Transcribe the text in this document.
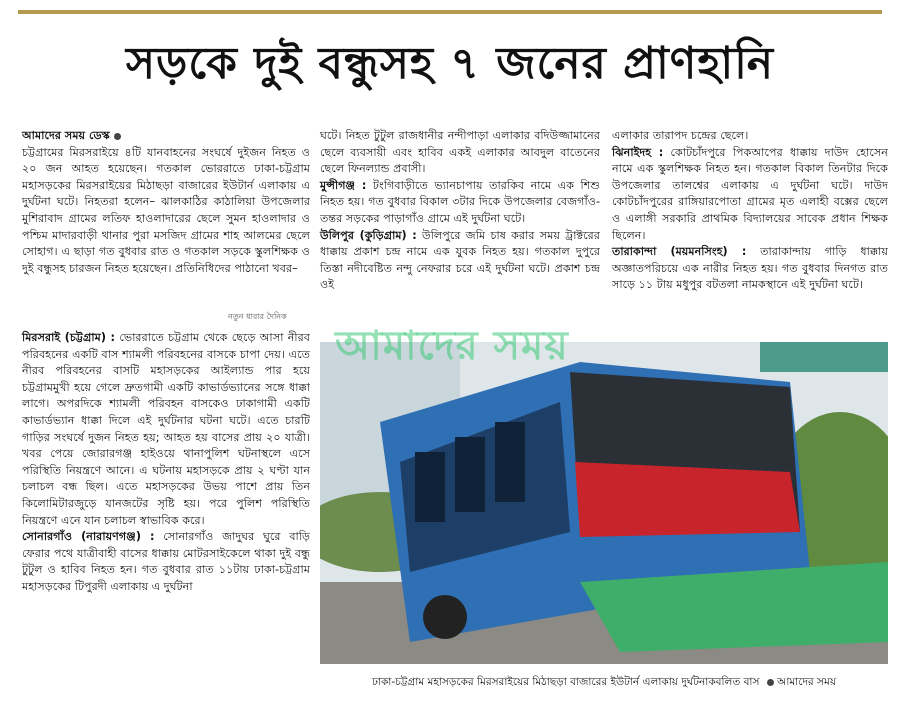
সড়কে দুই বন্ধুসহ ৭ জনের প্রাণহানি

আমাদের সময় ডেস্ক

চট্টগ্রামের মিরসরাইয়ে ৪টি যানবাহনের সংঘর্ষে দুইজন নিহত ও ২০ জন আহত হয়েছেন। গতকাল ভোররাতে ঢাকা-চট্টগ্রাম মহাসড়কের মিরসরাইয়ের মিঠাছড়া বাজারের ইউটার্ন এলাকায় এ দুর্ঘটনা ঘটে। নিহতরা হলেন– ঝালকাঠির কাঠালিয়া উপজেলার মুশিরাবাদ গ্রামের লতিফ হাওলাদারের ছেলে সুমন হাওলাদার ও পশ্চিম মাদারবাড়ী থানার পুরা মসজিদ গ্রামের শাহ আলমের ছেলে সোহাগ। এ ছাড়া গত বুধবার রাত ও গতকাল সড়কে স্কুলশিক্ষক ও দুই বন্ধুসহ চারজন নিহত হয়েছেন। প্রতিনিধিদের পাঠানো খবর–

নতুন ধারার দৈনিক

মিরসরাই (চট্টগ্রাম) : ভোররাতে চট্টগ্রাম থেকে ছেড়ে আসা নীরব পরিবহনের একটি বাস শ্যামলী পরিবহনের বাসকে চাপা দেয়। এতে নীরব পরিবহনের বাসটি মহাসড়কের আইল্যান্ড পার হয়ে চট্টগ্রামমুখী হয়ে গেলে দ্রুতগামী একটি কাভার্ডভ্যানের সঙ্গে ধাক্কা লাগে। অপরদিকে শ্যামলী পরিবহন বাসকেও ঢাকাগামী একটি কাভার্ডভ্যান ধাক্কা দিলে এই দুর্ঘটনার ঘটনা ঘটে। এতে চারটি গাড়ির সংঘর্ষে দুজন নিহত হয়; আহত হয় বাসের প্রায় ২০ যাত্রী। খবর পেয়ে জোরারগঞ্জ হাইওয়ে থানাপুলিশ ঘটনাস্থলে এসে পরিস্থিতি নিয়ন্ত্রণে আনে। এ ঘটনায় মহাসড়কে প্রায় ২ ঘণ্টা যান চলাচল বন্ধ ছিল। এতে মহাসড়কের উভয় পাশে প্রায় তিন কিলোমিটারজুড়ে যানজটের সৃষ্টি হয়। পরে পুলিশ পরিস্থিতি নিয়ন্ত্রণে এনে যান চলাচল স্বাভাবিক করে।

সোনারগাঁও (নারায়ণগঞ্জ) : সোনারগাঁও জাদুঘর ঘুরে বাড়ি ফেরার পথে যাত্রীবাহী বাসের ধাক্কায় মোটরসাইকেলে থাকা দুই বন্ধু টুটুল ও হাবিব নিহত হন। গত বুধবার রাত ১১টায় ঢাকা-চট্টগ্রাম মহাসড়কের টিপুরদী এলাকায় এ দুর্ঘটনা

ঘটে। নিহত টুটুল রাজধানীর নন্দীপাড়া এলাকার বদিউজ্জামানের ছেলে ব্যবসায়ী এবং হাবিব একই এলাকার আবদুল বাতেনের ছেলে ফিনল্যান্ড প্রবাসী।

মুন্সীগঞ্জ : টংগিবাড়ীতে ভ্যানচাপায় তারকিব নামে এক শিশু নিহত হয়। গত বুধবার বিকাল ৩টার দিকে উপজেলার বেজগাঁও-তন্তর সড়কের পাড়াগাঁও গ্রামে এই দুর্ঘটনা ঘটে।

উলিপুর (কুড়িগ্রাম) : উলিপুরে জমি চাষ করার সময় ট্রাক্টরের ধাক্কায় প্রকাশ চন্দ্র নামে এক যুবক নিহত হয়। গতকাল দুপুরে তিস্তা নদীবেষ্টিত নন্দু নেফরার চরে এই দুর্ঘটনা ঘটে। প্রকাশ চন্দ্র ওই

এলাকার তারাপদ চন্দ্রের ছেলে।

ঝিনাইদহ : কোটচাঁদপুরে পিকআপের ধাক্কায় দাউদ হোসেন নামে এক স্কুলশিক্ষক নিহত হন। গতকাল বিকাল তিনটার দিকে উপজেলার তালশ্বের এলাকায় এ দুর্ঘটনা ঘটে। দাউদ কোটচাঁদপুরের রাঙ্গিয়ারপোতা গ্রামের মৃত এলাহী বক্সের ছেলে ও এলাঙ্গী সরকারি প্রাথমিক বিদ্যালয়ের সাবেক প্রধান শিক্ষক ছিলেন।

তারাকান্দা (ময়মনসিংহ) : তারাকান্দায় গাড়ি ধাক্কায় অজ্ঞাতপরিচয়ে এক নারীর নিহত হয়। গত বুধবার দিনগত রাত সাড়ে ১১ টায় মধুপুর বটতলা নামকস্থানে এই দুর্ঘটনা ঘটে।

আমাদের সময়
ঢাকা-চট্টগ্রাম মহাসড়কের মিরসরাইয়ের মিঠাছড়া বাজারের ইউটার্ন এলাকায় দুর্ঘটনাকবলিত বাস আমাদের সময়
